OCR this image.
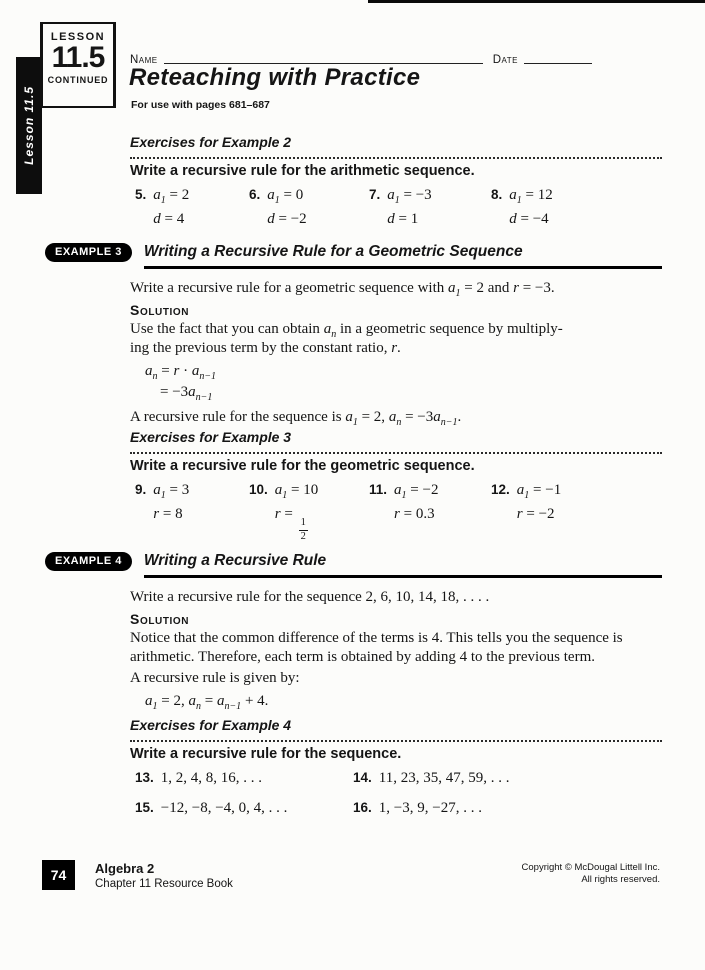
Lesson 11.5
LESSON
11.5
CONTINUED
Name	Date
Reteaching with Practice
For use with pages 681–687
Exercises for Example 2
Write a recursive rule for the arithmetic sequence.
5. $a_1 = 2$
d = 4
6. $a_1 = 0$
d = −2
7. $a_1 = -3$
d = 1
8. $a_1 = 12$
d = −4
EXAMPLE 3	Writing a Recursive Rule for a Geometric Sequence
Write a recursive rule for a geometric sequence with $a_1 = 2$ and r = −3.
Solution
Use the fact that you can obtain $a_n$ in a geometric sequence by multiply-
ing the previous term by the constant ratio, r.
$a_n = r \cdot a_{n-1}$
= $-3a_{n-1}$
A recursive rule for the sequence is $a_1 = 2$, $a_n = -3a_{n-1}$.
Exercises for Example 3
Write a recursive rule for the geometric sequence.
9. $a_1 = 3$
r = 8
10. $a_1 = 10$
r =
$\frac{1}{2}$
11. $a_1 = -2$
r = 0.3
12. $a_1 = -1$
r = −2
EXAMPLE 4	Writing a Recursive Rule
Write a recursive rule for the sequence 2, 6, 10, 14, 18, . . . .
Solution
Notice that the common difference of the terms is 4. This tells you the sequence is arithmetic. Therefore, each term is obtained by adding 4 to the previous term.
A recursive rule is given by:
$a_1 = 2$, $a_n = a_{n-1} + 4$.
Exercises for Example 4
Write a recursive rule for the sequence.
13. 1, 2, 4, 8, 16, . . .	14. 11, 23, 35, 47, 59, . . .
15. −12, −8, −4, 0, 4, . . .	16. 1, −3, 9, −27, . . .
74 Algebra 2
Chapter 11 Resource Book
Copyright © McDougal Littell Inc.
All rights reserved.
